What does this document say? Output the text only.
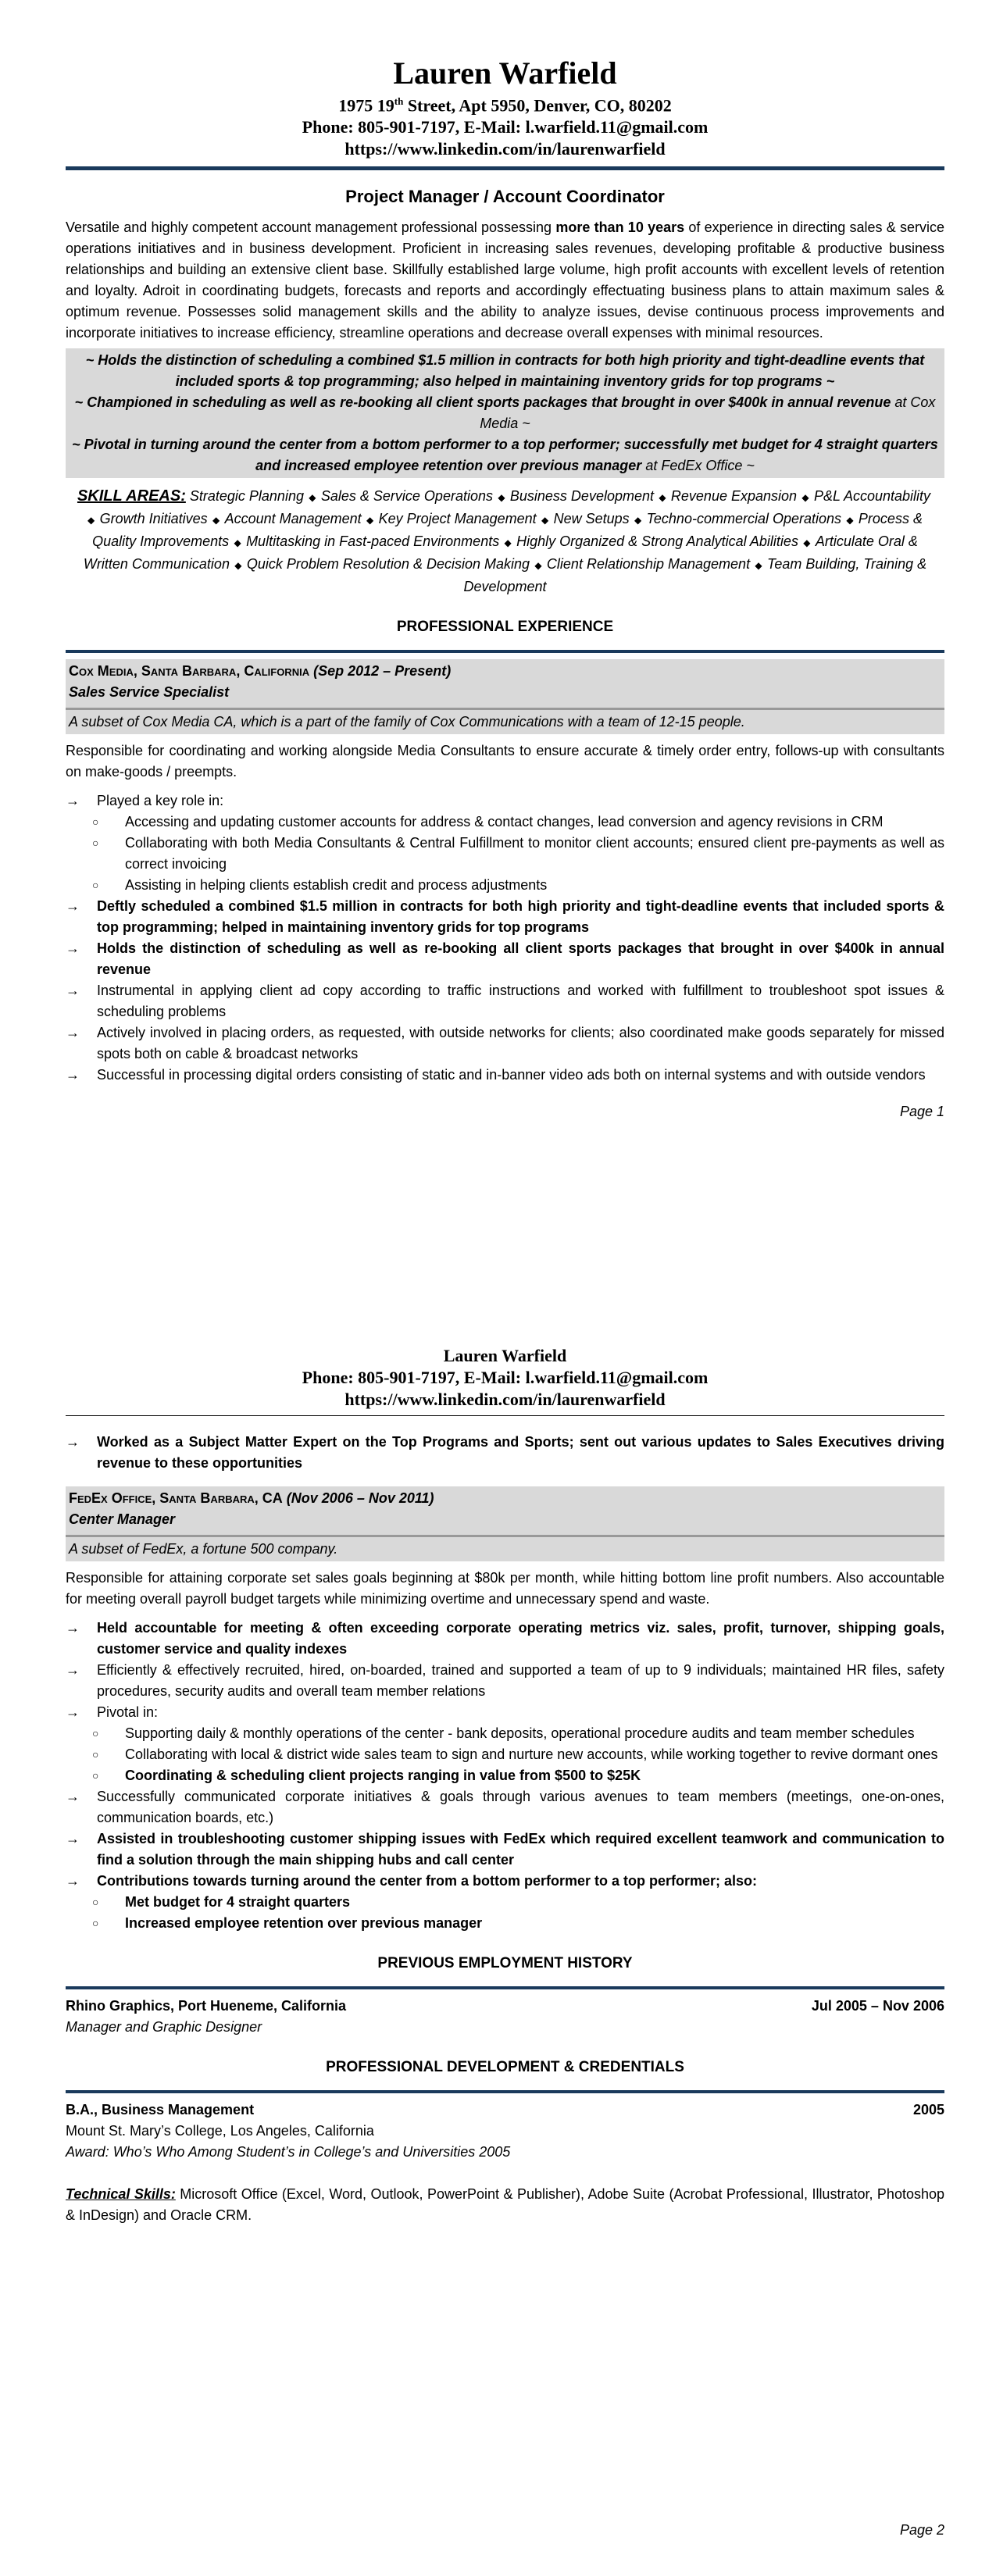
Lauren Warfield
1975 19th Street, Apt 5950, Denver, CO, 80202
Phone: 805-901-7197, E-Mail: l.warfield.11@gmail.com
https://www.linkedin.com/in/laurenwarfield
Project Manager / Account Coordinator

Versatile and highly competent account management professional possessing more than 10 years of experience in directing sales & service operations initiatives and in business development. Proficient in increasing sales revenues, developing profitable & productive business relationships and building an extensive client base. Skillfully established large volume, high profit accounts with excellent levels of retention and loyalty. Adroit in coordinating budgets, forecasts and reports and accordingly effectuating business plans to attain maximum sales & optimum revenue. Possesses solid management skills and the ability to analyze issues, devise continuous process improvements and incorporate initiatives to increase efficiency, streamline operations and decrease overall expenses with minimal resources.

~ Holds the distinction of scheduling a combined $1.5 million in contracts for both high priority and tight-deadline events that included sports & top programming; also helped in maintaining inventory grids for top programs ~
~ Championed in scheduling as well as re-booking all client sports packages that brought in over $400k in annual revenue at Cox Media ~
~ Pivotal in turning around the center from a bottom performer to a top performer; successfully met budget for 4 straight quarters and increased employee retention over previous manager at FedEx Office ~
SKILL AREAS: Strategic Planning ◆ Sales & Service Operations ◆ Business Development ◆ Revenue Expansion ◆ P&L Accountability ◆ Growth Initiatives ◆ Account Management ◆ Key Project Management ◆ New Setups ◆ Techno-commercial Operations ◆ Process & Quality Improvements ◆ Multitasking in Fast-paced Environments ◆ Highly Organized & Strong Analytical Abilities ◆ Articulate Oral & Written Communication ◆ Quick Problem Resolution & Decision Making ◆ Client Relationship Management ◆ Team Building, Training & Development
PROFESSIONAL EXPERIENCE
Cox Media, Santa Barbara, California (Sep 2012 – Present)
Sales Service Specialist
A subset of Cox Media CA, which is a part of the family of Cox Communications with a team of 12-15 people.

Responsible for coordinating and working alongside Media Consultants to ensure accurate & timely order entry, follows-up with consultants on make-goods / preempts.

→ Played a key role in:
○ Accessing and updating customer accounts for address & contact changes, lead conversion and agency revisions in CRM
○ Collaborating with both Media Consultants & Central Fulfillment to monitor client accounts; ensured client pre-payments as well as correct invoicing
○ Assisting in helping clients establish credit and process adjustments
→ Deftly scheduled a combined $1.5 million in contracts for both high priority and tight-deadline events that included sports & top programming; helped in maintaining inventory grids for top programs
→ Holds the distinction of scheduling as well as re-booking all client sports packages that brought in over $400k in annual revenue
→ Instrumental in applying client ad copy according to traffic instructions and worked with fulfillment to troubleshoot spot issues & scheduling problems
→ Actively involved in placing orders, as requested, with outside networks for clients; also coordinated make goods separately for missed spots both on cable & broadcast networks
→ Successful in processing digital orders consisting of static and in-banner video ads both on internal systems and with outside vendors
Page 1
Lauren Warfield
Phone: 805-901-7197, E-Mail: l.warfield.11@gmail.com
https://www.linkedin.com/in/laurenwarfield
→ Worked as a Subject Matter Expert on the Top Programs and Sports; sent out various updates to Sales Executives driving revenue to these opportunities
FedEx Office, Santa Barbara, CA (Nov 2006 – Nov 2011)
Center Manager
A subset of FedEx, a fortune 500 company.

Responsible for attaining corporate set sales goals beginning at $80k per month, while hitting bottom line profit numbers. Also accountable for meeting overall payroll budget targets while minimizing overtime and unnecessary spend and waste.

→ Held accountable for meeting & often exceeding corporate operating metrics viz. sales, profit, turnover, shipping goals, customer service and quality indexes
→ Efficiently & effectively recruited, hired, on-boarded, trained and supported a team of up to 9 individuals; maintained HR files, safety procedures, security audits and overall team member relations
→ Pivotal in:
○ Supporting daily & monthly operations of the center - bank deposits, operational procedure audits and team member schedules
○ Collaborating with local & district wide sales team to sign and nurture new accounts, while working together to revive dormant ones
○ Coordinating & scheduling client projects ranging in value from $500 to $25K
→ Successfully communicated corporate initiatives & goals through various avenues to team members (meetings, one-on-ones, communication boards, etc.)
→ Assisted in troubleshooting customer shipping issues with FedEx which required excellent teamwork and communication to find a solution through the main shipping hubs and call center
→ Contributions towards turning around the center from a bottom performer to a top performer; also:
○ Met budget for 4 straight quarters
○ Increased employee retention over previous manager
PREVIOUS EMPLOYMENT HISTORY
Rhino Graphics, Port Hueneme, California	Jul 2005 – Nov 2006
Manager and Graphic Designer
PROFESSIONAL DEVELOPMENT & CREDENTIALS
B.A., Business Management	2005
Mount St. Mary’s College, Los Angeles, California
Award: Who’s Who Among Student’s in College’s and Universities 2005

Technical Skills: Microsoft Office (Excel, Word, Outlook, PowerPoint & Publisher), Adobe Suite (Acrobat Professional, Illustrator, Photoshop & InDesign) and Oracle CRM.

Page 2
